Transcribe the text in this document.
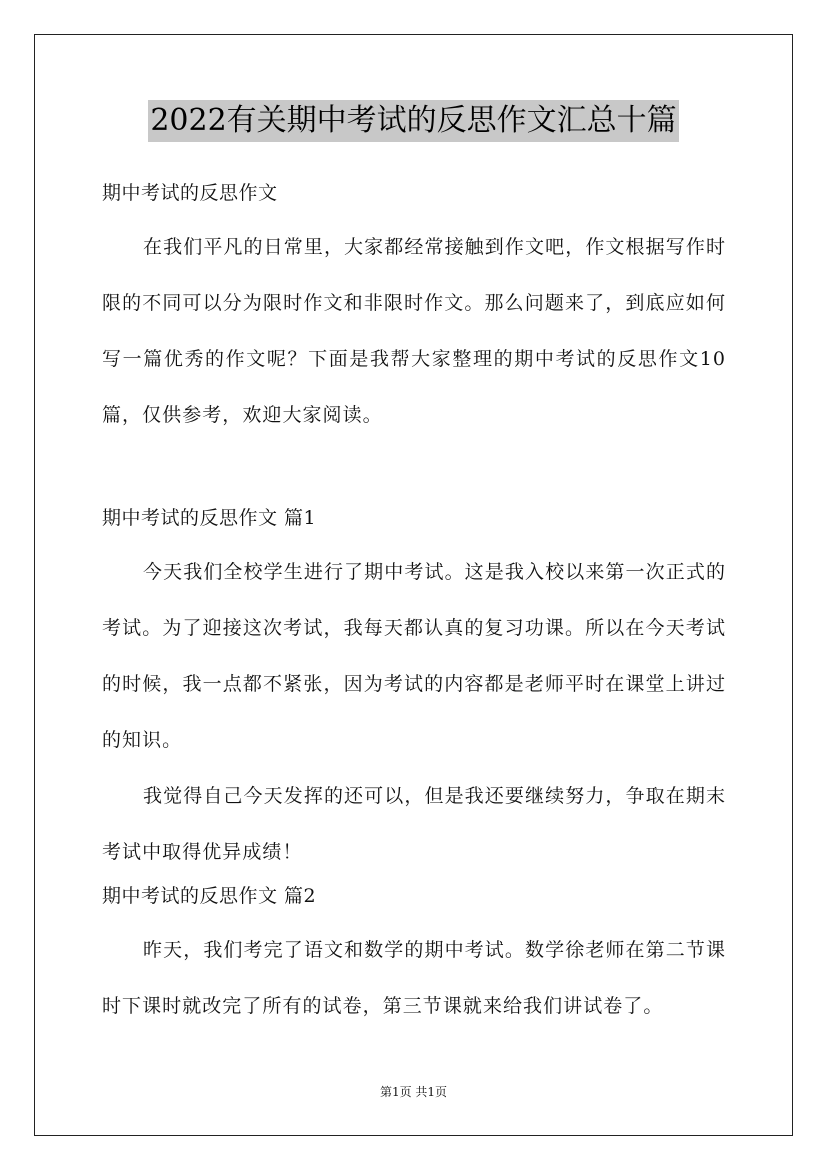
2022有关期中考试的反思作文汇总十篇
期中考试的反思作文
在我们平凡的日常里，大家都经常接触到作文吧，作文根据写作时限的不同可以分为限时作文和非限时作文。那么问题来了，到底应如何写一篇优秀的作文呢？下面是我帮大家整理的期中考试的反思作文10篇，仅供参考，欢迎大家阅读。
期中考试的反思作文 篇1
今天我们全校学生进行了期中考试。这是我入校以来第一次正式的考试。为了迎接这次考试，我每天都认真的复习功课。所以在今天考试的时候，我一点都不紧张，因为考试的内容都是老师平时在课堂上讲过的知识。
我觉得自己今天发挥的还可以，但是我还要继续努力，争取在期末考试中取得优异成绩！
期中考试的反思作文 篇2
昨天，我们考完了语文和数学的期中考试。数学徐老师在第二节课时下课时就改完了所有的试卷，第三节课就来给我们讲试卷了。
第1页 共1页
